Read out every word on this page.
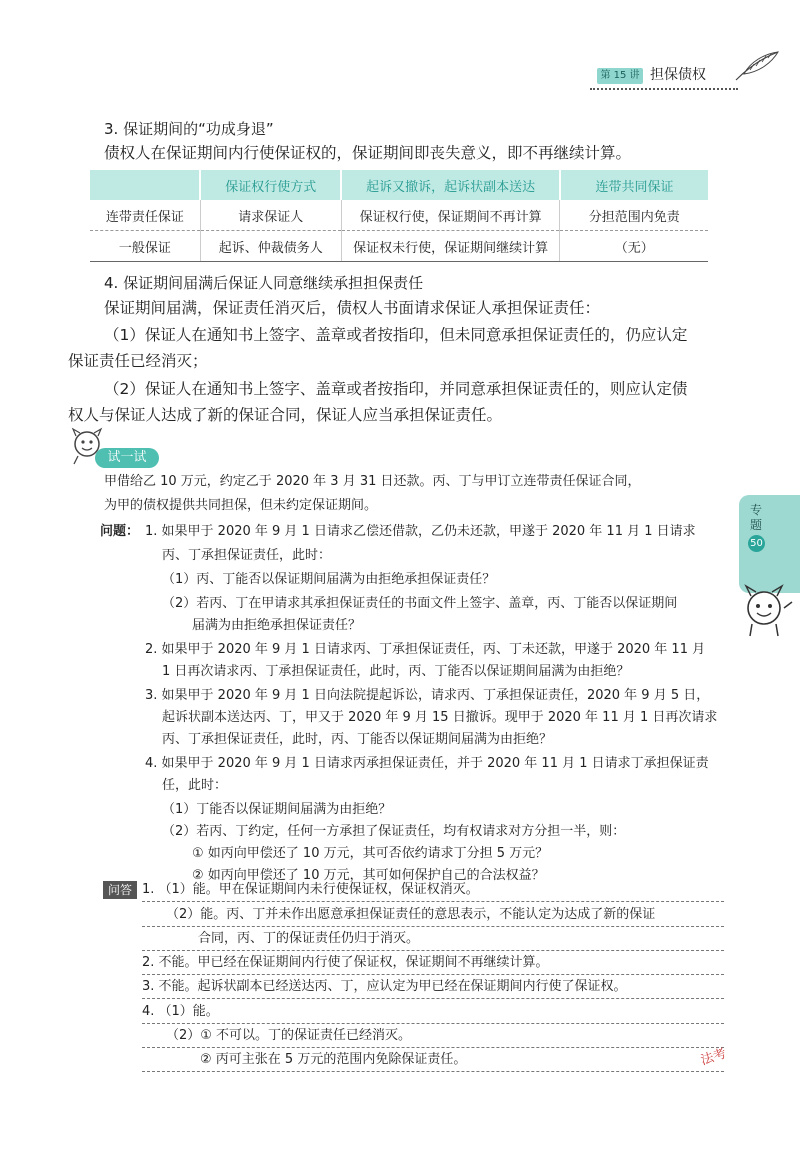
第 15 讲 担保债权
3. 保证期间的“功成身退”
债权人在保证期间内行使保证权的，保证期间即丧失意义，即不再继续计算。
	保证权行使方式	起诉又撤诉，起诉状副本送达	连带共同保证
连带责任保证	请求保证人	保证权行使，保证期间不再计算	分担范围内免责
一般保证	起诉、仲裁债务人	保证权未行使，保证期间继续计算	（无）
4. 保证期间届满后保证人同意继续承担担保责任
保证期间届满，保证责任消灭后，债权人书面请求保证人承担保证责任：
（1）保证人在通知书上签字、盖章或者按指印，但未同意承担保证责任的，仍应认定
保证责任已经消灭；
（2）保证人在通知书上签字、盖章或者按指印，并同意承担保证责任的，则应认定债
权人与保证人达成了新的保证合同，保证人应当承担保证责任。
试一试
甲借给乙 10 万元，约定乙于 2020 年 3 月 31 日还款。丙、丁与甲订立连带责任保证合同，
为甲的债权提供共同担保，但未约定保证期间。
问题： 1. 如果甲于 2020 年 9 月 1 日请求乙偿还借款，乙仍未还款，甲遂于 2020 年 11 月 1 日请求
丙、丁承担保证责任，此时：
（1）丙、丁能否以保证期间届满为由拒绝承担保证责任？
（2）若丙、丁在甲请求其承担保证责任的书面文件上签字、盖章，丙、丁能否以保证期间
届满为由拒绝承担保证责任？
2. 如果甲于 2020 年 9 月 1 日请求丙、丁承担保证责任，丙、丁未还款，甲遂于 2020 年 11 月
1 日再次请求丙、丁承担保证责任，此时，丙、丁能否以保证期间届满为由拒绝？
3. 如果甲于 2020 年 9 月 1 日向法院提起诉讼，请求丙、丁承担保证责任，2020 年 9 月 5 日，
起诉状副本送达丙、丁，甲又于 2020 年 9 月 15 日撤诉。现甲于 2020 年 11 月 1 日再次请求
丙、丁承担保证责任，此时，丙、丁能否以保证期间届满为由拒绝？
4. 如果甲于 2020 年 9 月 1 日请求丙承担保证责任，并于 2020 年 11 月 1 日请求丁承担保证责
任，此时：
（1）丁能否以保证期间届满为由拒绝？
（2）若丙、丁约定，任何一方承担了保证责任，均有权请求对方分担一半，则：
① 如丙向甲偿还了 10 万元，其可否依约请求丁分担 5 万元？
② 如丙向甲偿还了 10 万元，其可如何保护自己的合法权益？
专
题
50
问答 1. （1）能。甲在保证期间内未行使保证权，保证权消灭。
（2）能。丙、丁并未作出愿意承担保证责任的意思表示，不能认定为达成了新的保证
合同，丙、丁的保证责任仍归于消灭。
2. 不能。甲已经在保证期间内行使了保证权，保证期间不再继续计算。
3. 不能。起诉状副本已经送达丙、丁，应认定为甲已经在保证期间内行使了保证权。
4. （1）能。
（2）① 不可以。丁的保证责任已经消灭。
② 丙可主张在 5 万元的范围内免除保证责任。	法考
